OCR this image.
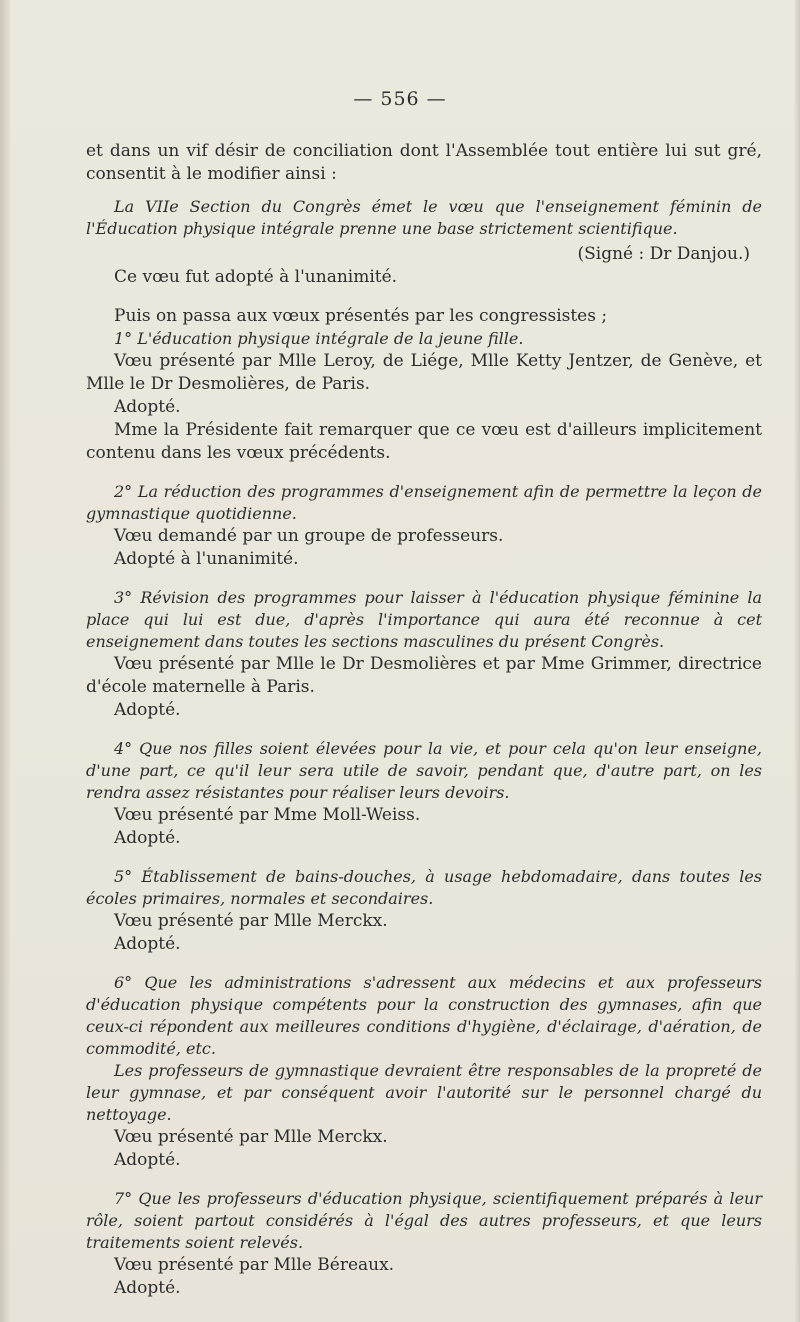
— 556 —

et dans un vif désir de conciliation dont l'Assemblée tout entière lui sut gré, consentit à le modifier ainsi :

La VIIe Section du Congrès émet le vœu que l'enseignement féminin de l'Éducation physique intégrale prenne une base strictement scientifique.

(Signé : Dr Danjou.)

Ce vœu fut adopté à l'unanimité.

Puis on passa aux vœux présentés par les congressistes ;

1° L'éducation physique intégrale de la jeune fille.

Vœu présenté par Mlle Leroy, de Liége, Mlle Ketty Jentzer, de Genève, et Mlle le Dr Desmolières, de Paris.

Adopté.

Mme la Présidente fait remarquer que ce vœu est d'ailleurs implicitement contenu dans les vœux précédents.

2° La réduction des programmes d'enseignement afin de permettre la leçon de gymnastique quotidienne.

Vœu demandé par un groupe de professeurs.

Adopté à l'unanimité.

3° Révision des programmes pour laisser à l'éducation physique féminine la place qui lui est due, d'après l'importance qui aura été reconnue à cet enseignement dans toutes les sections masculines du présent Congrès.

Vœu présenté par Mlle le Dr Desmolières et par Mme Grimmer, directrice d'école maternelle à Paris.

Adopté.

4° Que nos filles soient élevées pour la vie, et pour cela qu'on leur enseigne, d'une part, ce qu'il leur sera utile de savoir, pendant que, d'autre part, on les rendra assez résistantes pour réaliser leurs devoirs.

Vœu présenté par Mme Moll-Weiss.

Adopté.

5° Établissement de bains-douches, à usage hebdomadaire, dans toutes les écoles primaires, normales et secondaires.

Vœu présenté par Mlle Merckx.

Adopté.

6° Que les administrations s'adressent aux médecins et aux professeurs d'éducation physique compétents pour la construction des gymnases, afin que ceux-ci répondent aux meilleures conditions d'hygiène, d'éclairage, d'aération, de commodité, etc.

Les professeurs de gymnastique devraient être responsables de la propreté de leur gymnase, et par conséquent avoir l'autorité sur le personnel chargé du nettoyage.

Vœu présenté par Mlle Merckx.

Adopté.

7° Que les professeurs d'éducation physique, scientifiquement préparés à leur rôle, soient partout considérés à l'égal des autres professeurs, et que leurs traitements soient relevés.

Vœu présenté par Mlle Béreaux.

Adopté.
